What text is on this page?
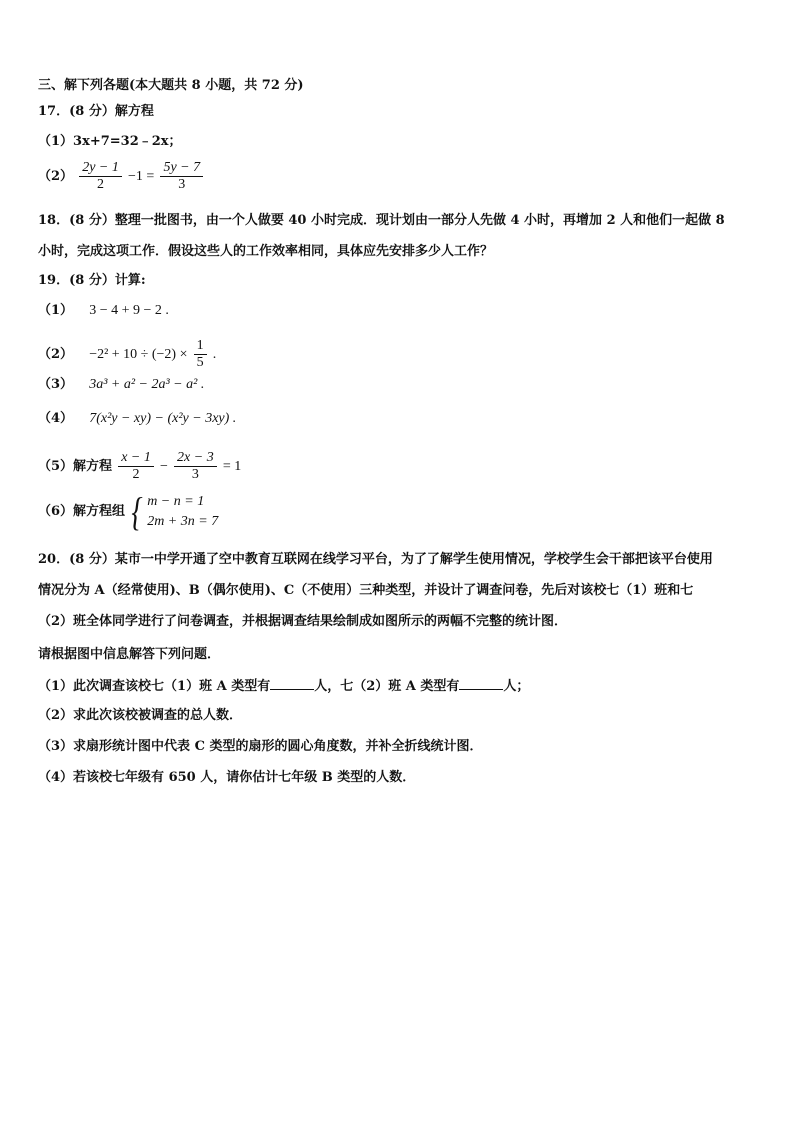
三、解下列各题(本大题共 8 小题，共 72 分)
17．(8 分）解方程
（1）3x+7=32﹣2x；
$(2) \frac{2y - 1}{2} -1 = \frac{5y - 7}{3}$
18．(8 分）整理一批图书，由一个人做要 40 小时完成．现计划由一部分人先做 4 小时，再增加 2 人和他们一起做 8
小时，完成这项工作．假设这些人的工作效率相同，具体应先安排多少人工作？
19．(8 分）计算:
（1） 3 − 4 + 9 − 2 .
$(2) -2^2 + 10 \div (-2) \times \frac{1}{5}$ .
（3） 3a³ + a² − 2a³ − a² .
（4） 7(x²y − xy) − (x²y − 3xy) .
（5）解方程 $\frac{x - 1}{2} - \frac{2x - 3}{3} = 1$
（6）解方程组 { m − n = 1
2m + 3n = 7
20．(8 分）某市一中学开通了空中教育互联网在线学习平台，为了了解学生使用情况，学校学生会干部把该平台使用
情况分为 A（经常使用)、B（偶尔使用)、C（不使用）三种类型，并设计了调查问卷，先后对该校七（1）班和七
（2）班全体同学进行了问卷调查，并根据调查结果绘制成如图所示的两幅不完整的统计图．
请根据图中信息解答下列问题．
（1）此次调查该校七（1）班 A 类型有	人，七（2）班 A 类型有	人；
（2）求此次该校被调查的总人数．
（3）求扇形统计图中代表 C 类型的扇形的圆心角度数，并补全折线统计图．
（4）若该校七年级有 650 人，请你估计七年级 B 类型的人数．
